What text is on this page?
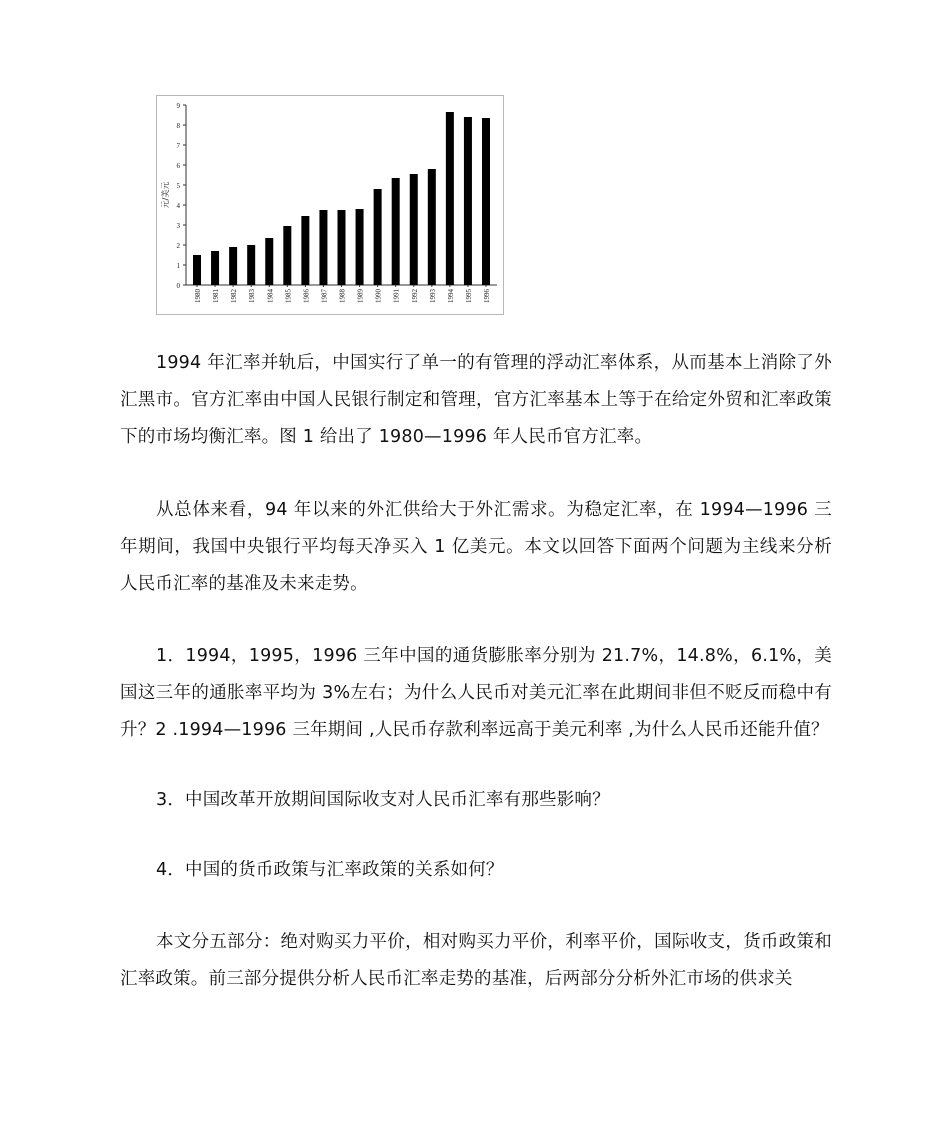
0
1
2
3
4
5
6
7
8
9
元/美元
1980 1981 1982 1983 1984 1985 1986 1987 1988 1989 1990 1991 1992 1993 1994 1995 1996

1994 年汇率并轨后，中国实行了单一的有管理的浮动汇率体系，从而基本上消除了外汇黑市。官方汇率由中国人民银行制定和管理，官方汇率基本上等于在给定外贸和汇率政策下的市场均衡汇率。图 1 给出了 1980—1996 年人民币官方汇率。

从总体来看，94 年以来的外汇供给大于外汇需求。为稳定汇率，在 1994—1996 三年期间，我国中央银行平均每天净买入 1 亿美元。本文以回答下面两个问题为主线来分析人民币汇率的基准及未来走势。

1．1994，1995，1996 三年中国的通货膨胀率分别为 21.7%，14.8%，6.1%，美国这三年的通胀率平均为 3%左右；为什么人民币对美元汇率在此期间非但不贬反而稳中有升？2 .1994—1996 三年期间 ,人民币存款利率远高于美元利率 ,为什么人民币还能升值？

3．中国改革开放期间国际收支对人民币汇率有那些影响？

4．中国的货币政策与汇率政策的关系如何？

本文分五部分：绝对购买力平价，相对购买力平价，利率平价，国际收支，货币政策和汇率政策。前三部分提供分析人民币汇率走势的基准，后两部分分析外汇市场的供求关
